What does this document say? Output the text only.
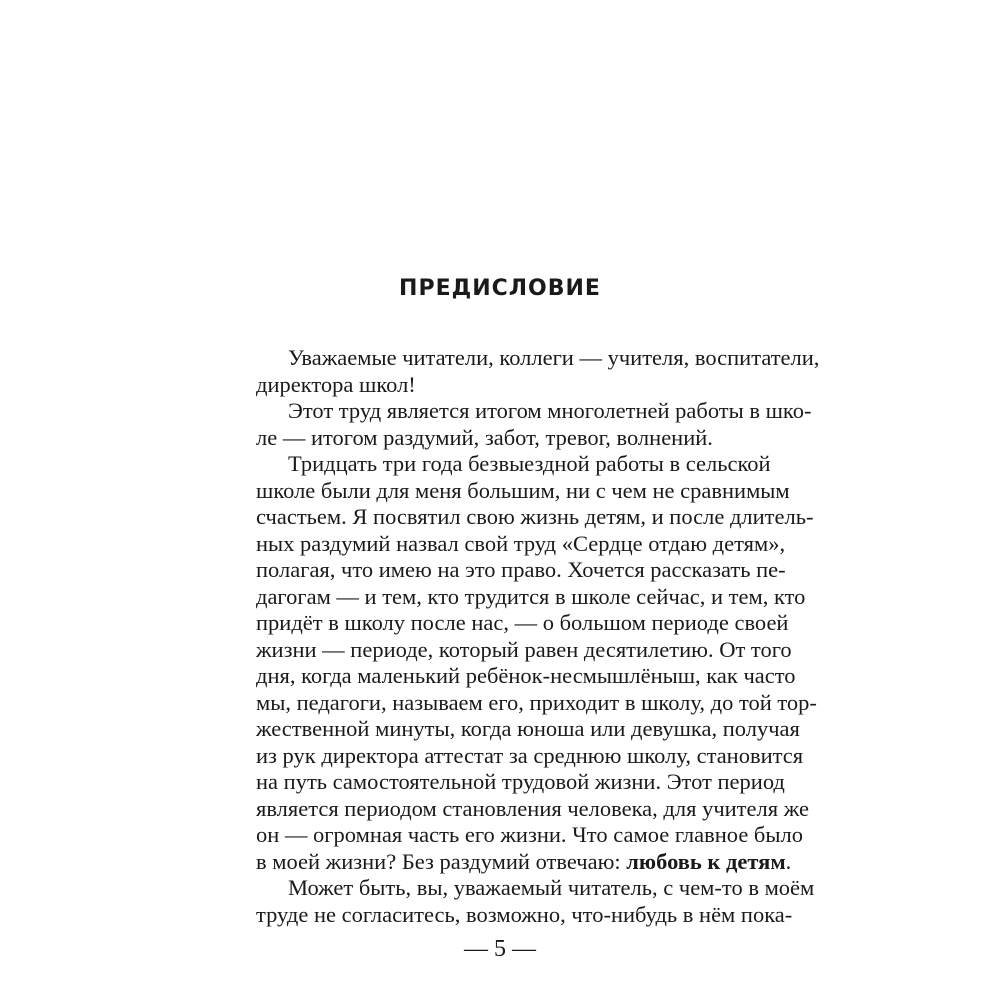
ПРЕДИСЛОВИЕ
Уважаемые читатели, коллеги — учителя, воспитатели,
директора школ!
Этот труд является итогом многолетней работы в шко-
ле — итогом раздумий, забот, тревог, волнений.
Тридцать три года безвыездной работы в сельской
школе были для меня большим, ни с чем не сравнимым
счастьем. Я посвятил свою жизнь детям, и после длитель-
ных раздумий назвал свой труд «Сердце отдаю детям»,
полагая, что имею на это право. Хочется рассказать пе-
дагогам — и тем, кто трудится в школе сейчас, и тем, кто
придёт в школу после нас, — о большом периоде своей
жизни — периоде, который равен десятилетию. От того
дня, когда маленький ребёнок-несмышлёныш, как часто
мы, педагоги, называем его, приходит в школу, до той тор-
жественной минуты, когда юноша или девушка, получая
из рук директора аттестат за среднюю школу, становится
на путь самостоятельной трудовой жизни. Этот период
является периодом становления человека, для учителя же
он — огромная часть его жизни. Что самое главное было
в моей жизни? Без раздумий отвечаю: любовь к детям.
Может быть, вы, уважаемый читатель, с чем-то в моём
труде не согласитесь, возможно, что-нибудь в нём пока-
— 5 —
